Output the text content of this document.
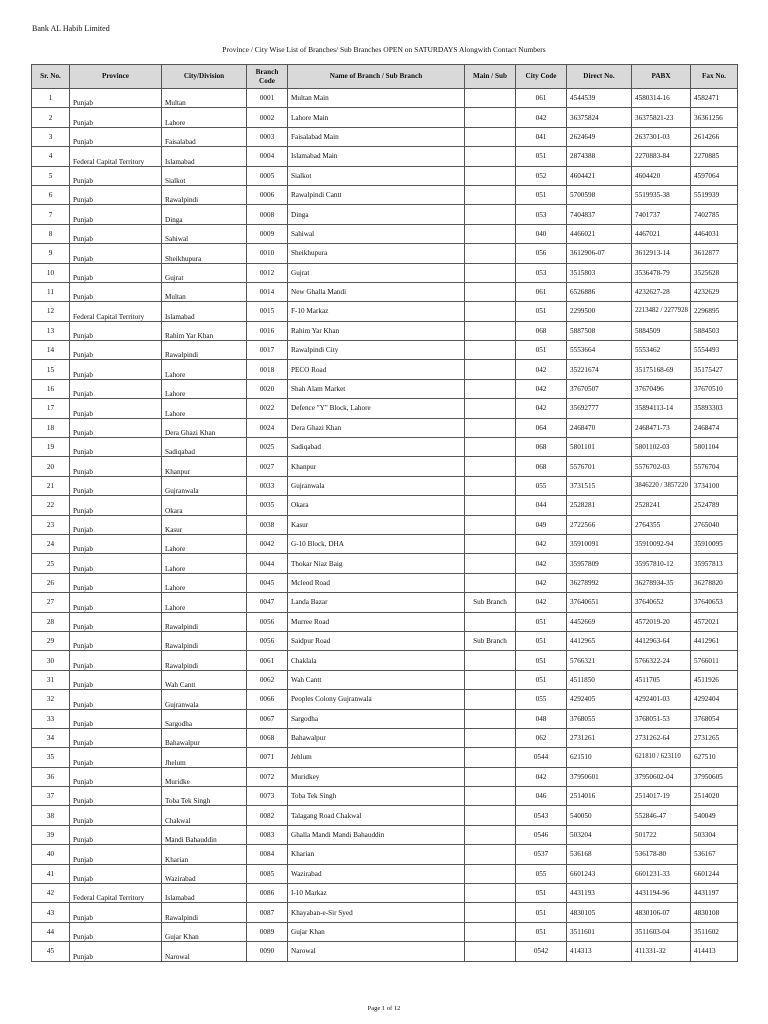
Bank AL Habib Limited
Province / City Wise List of Branches/ Sub Branches OPEN on SATURDAYS Alongwith Contact Numbers
Sr. No.	Province	City/Division	Branch Code	Name of Branch / Sub Branch	Main / Sub	City Code	Direct No.	PABX	Fax No.
1	Punjab	Multan	0001	Multan Main		061	4544539	4580314-16	4582471
2	Punjab	Lahore	0002	Lahore Main		042	36375824	36375821-23	36361256
3	Punjab	Faisalabad	0003	Faisalabad Main		041	2624649	2637301-03	2614266
4	Federal Capital Territory	Islamabad	0004	Islamabad Main		051	2874388	2270883-84	2270885
5	Punjab	Sialkot	0005	Sialkot		052	4604421	4604420	4597064
6	Punjab	Rawalpindi	0006	Rawalpindi Cantt		051	5700598	5519935-38	5519939
7	Punjab	Dinga	0008	Dinga		053	7404837	7401737	7402785
8	Punjab	Sahiwal	0009	Sahiwal		040	4466021	4467021	4464031
9	Punjab	Sheikhupura	0010	Sheikhupura		056	3612906-07	3612913-14	3612877
10	Punjab	Gujrat	0012	Gujrat		053	3515803	3536478-79	3525628
11	Punjab	Multan	0014	New Ghalla Mandi		061	6526886	4232627-28	4232629
12	Federal Capital Territory	Islamabad	0015	F-10 Markaz		051	2299500	2213482 / 2277928	2296895
13	Punjab	Rahim Yar Khan	0016	Rahim Yar Khan		068	5887508	5884509	5884503
14	Punjab	Rawalpindi	0017	Rawalpindi City		051	5553664	5553462	5554493
15	Punjab	Lahore	0018	PECO Road		042	35221674	35175168-69	35175427
16	Punjab	Lahore	0020	Shah Alam Market		042	37670507	37670496	37670510
17	Punjab	Lahore	0022	Defence "Y" Block, Lahore		042	35692777	35894113-14	35893303
18	Punjab	Dera Ghazi Khan	0024	Dera Ghazi Khan		064	2468470	2468471-73	2468474
19	Punjab	Sadiqabad	0025	Sadiqabad		068	5801101	5801102-03	5801104
20	Punjab	Khanpur	0027	Khanpur		068	5576701	5576702-03	5576704
21	Punjab	Gujranwala	0033	Gujranwala		055	3731515	3846220 / 3857220	3734100
22	Punjab	Okara	0035	Okara		044	2528281	2528241	2524789
23	Punjab	Kasur	0038	Kasur		049	2722566	2764355	2765040
24	Punjab	Lahore	0042	G-10 Block, DHA		042	35910091	35910092-94	35910095
25	Punjab	Lahore	0044	Thokar Niaz Baig		042	35957809	35957810-12	35957813
26	Punjab	Lahore	0045	Mcleod Road		042	36278992	36278934-35	36278820
27	Punjab	Lahore	0047	Landa Bazar	Sub Branch	042	37640651	37640652	37640653
28	Punjab	Rawalpindi	0056	Murree Road		051	4452669	4572019-20	4572021
29	Punjab	Rawalpindi	0056	Saidpur Road	Sub Branch	051	4412965	4412963-64	4412961
30	Punjab	Rawalpindi	0061	Chaklala		051	5766321	5766322-24	5766011
31	Punjab	Wah Cantt	0062	Wah Cantt		051	4511850	4511705	4511926
32	Punjab	Gujranwala	0066	Peoples Colony Gujranwala		055	4292405	4292401-03	4292404
33	Punjab	Sargodha	0067	Sargodha		048	3768055	3768051-53	3768054
34	Punjab	Bahawalpur	0068	Bahawalpur		062	2731261	2731262-64	2731265
35	Punjab	Jhelum	0071	Jehlum		0544	621510	621810 / 623110	627510
36	Punjab	Muridke	0072	Muridkey		042	37950601	37950602-04	37950605
37	Punjab	Toba Tek Singh	0073	Toba Tek Singh		046	2514016	2514017-19	2514020
38	Punjab	Chakwal	0082	Talagang Road Chakwal		0543	540050	552846-47	540049
39	Punjab	Mandi Bahauddin	0083	Ghalla Mandi Mandi Bahauddin		0546	503204	501722	503304
40	Punjab	Kharian	0084	Kharian		0537	536168	536178-80	536167
41	Punjab	Wazirabad	0085	Wazirabad		055	6601243	6601231-33	6601244
42	Federal Capital Territory	Islamabad	0086	I-10 Markaz		051	4431193	4431194-96	4431197
43	Punjab	Rawalpindi	0087	Khayaban-e-Sir Syed		051	4830105	4830106-07	4830108
44	Punjab	Gujar Khan	0089	Gujar Khan		051	3511601	3511603-04	3511602
45	Punjab	Narowal	0090	Narowal		0542	414313	411331-32	414413
Page 1 of 12
